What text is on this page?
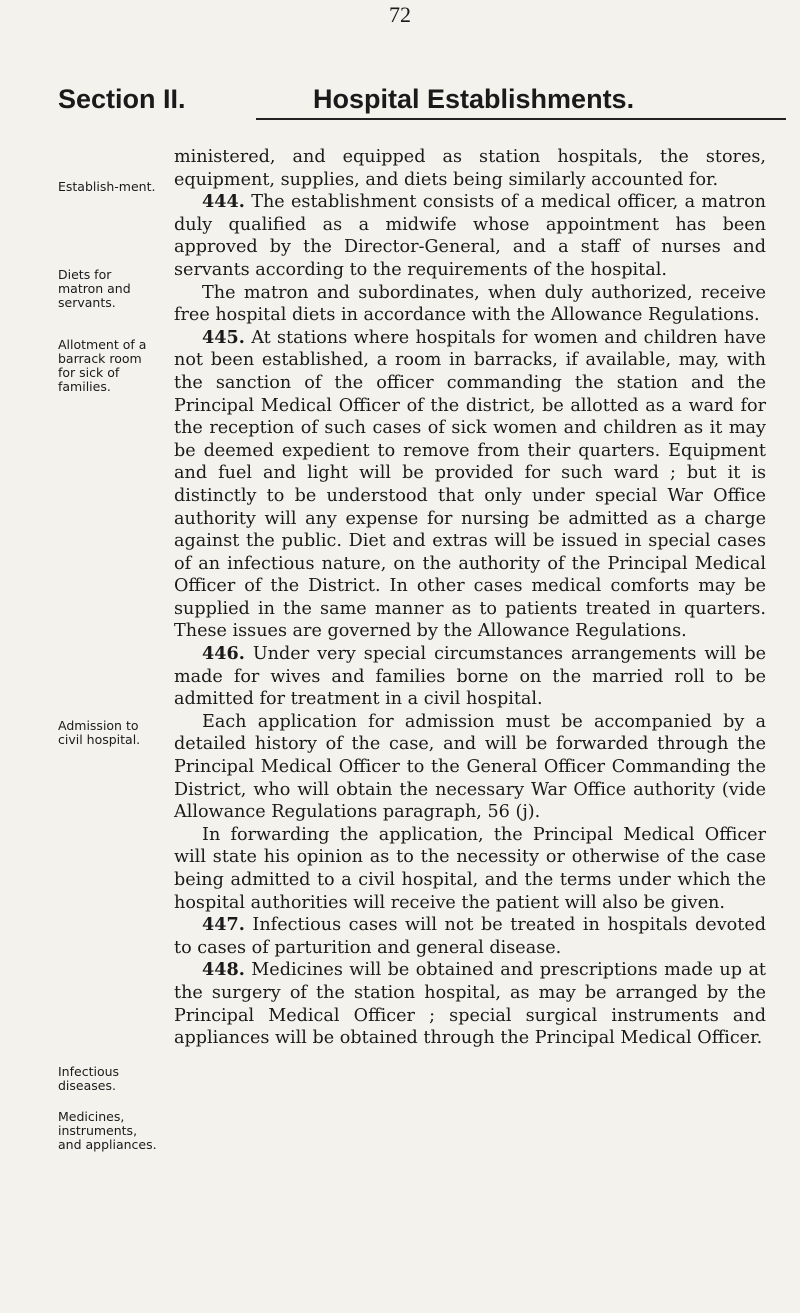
72
Section II.	Hospital Establishments.
Establish-ment.
Diets for matron and servants.
Allotment of a barrack room for sick of families.
Admission to civil hospital.
Infectious diseases.
Medicines, instruments, and appliances.

ministered, and equipped as station hospitals, the stores, equipment, supplies, and diets being similarly accounted for.

444. The establishment consists of a medical officer, a matron duly qualified as a midwife whose appointment has been approved by the Director-General, and a staff of nurses and servants according to the requirements of the hospital.

The matron and subordinates, when duly authorized, receive free hospital diets in accordance with the Allowance Regulations.

445. At stations where hospitals for women and children have not been established, a room in barracks, if available, may, with the sanction of the officer commanding the station and the Principal Medical Officer of the district, be allotted as a ward for the reception of such cases of sick women and children as it may be deemed expedient to remove from their quarters. Equipment and fuel and light will be provided for such ward ; but it is distinctly to be understood that only under special War Office authority will any expense for nursing be admitted as a charge against the public. Diet and extras will be issued in special cases of an infectious nature, on the authority of the Principal Medical Officer of the District. In other cases medical comforts may be supplied in the same manner as to patients treated in quarters. These issues are governed by the Allowance Regulations.

446. Under very special circumstances arrangements will be made for wives and families borne on the married roll to be admitted for treatment in a civil hospital.

Each application for admission must be accompanied by a detailed history of the case, and will be forwarded through the Principal Medical Officer to the General Officer Commanding the District, who will obtain the necessary War Office authority (vide Allowance Regulations paragraph, 56 (j).

In forwarding the application, the Principal Medical Officer will state his opinion as to the necessity or otherwise of the case being admitted to a civil hospital, and the terms under which the hospital authorities will receive the patient will also be given.

447. Infectious cases will not be treated in hospitals devoted to cases of parturition and general disease.

448. Medicines will be obtained and prescriptions made up at the surgery of the station hospital, as may be arranged by the Principal Medical Officer ; special surgical instruments and appliances will be obtained through the Principal Medical Officer.
